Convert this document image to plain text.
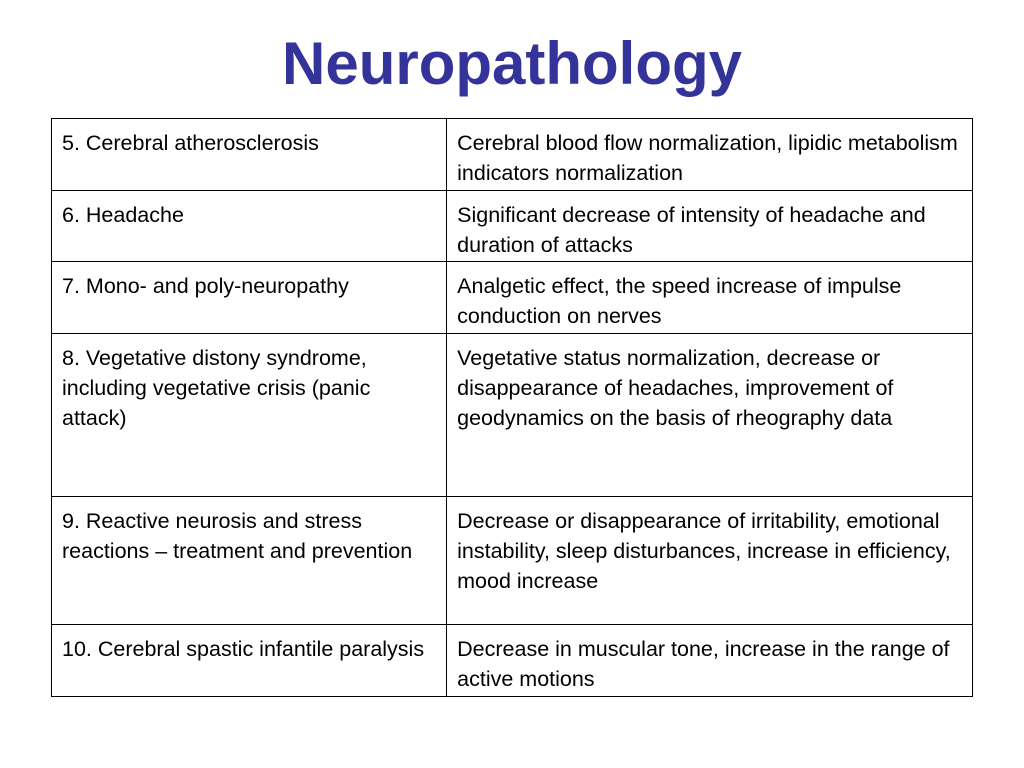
Neuropathology
5. Cerebral atherosclerosis	Cerebral blood flow normalization, lipidic metabolism indicators normalization
6. Headache	Significant decrease of intensity of headache and duration of attacks
7. Mono- and poly-neuropathy	Analgetic effect, the speed increase of impulse conduction on nerves
8. Vegetative distony syndrome, including vegetative crisis (panic attack)	Vegetative status normalization, decrease or disappearance of headaches, improvement of geodynamics on the basis of rheography data
9. Reactive neurosis and stress reactions – treatment and prevention	Decrease or disappearance of irritability, emotional instability, sleep disturbances, increase in efficiency, mood increase
10. Cerebral spastic infantile paralysis	Decrease in muscular tone, increase in the range of active motions
